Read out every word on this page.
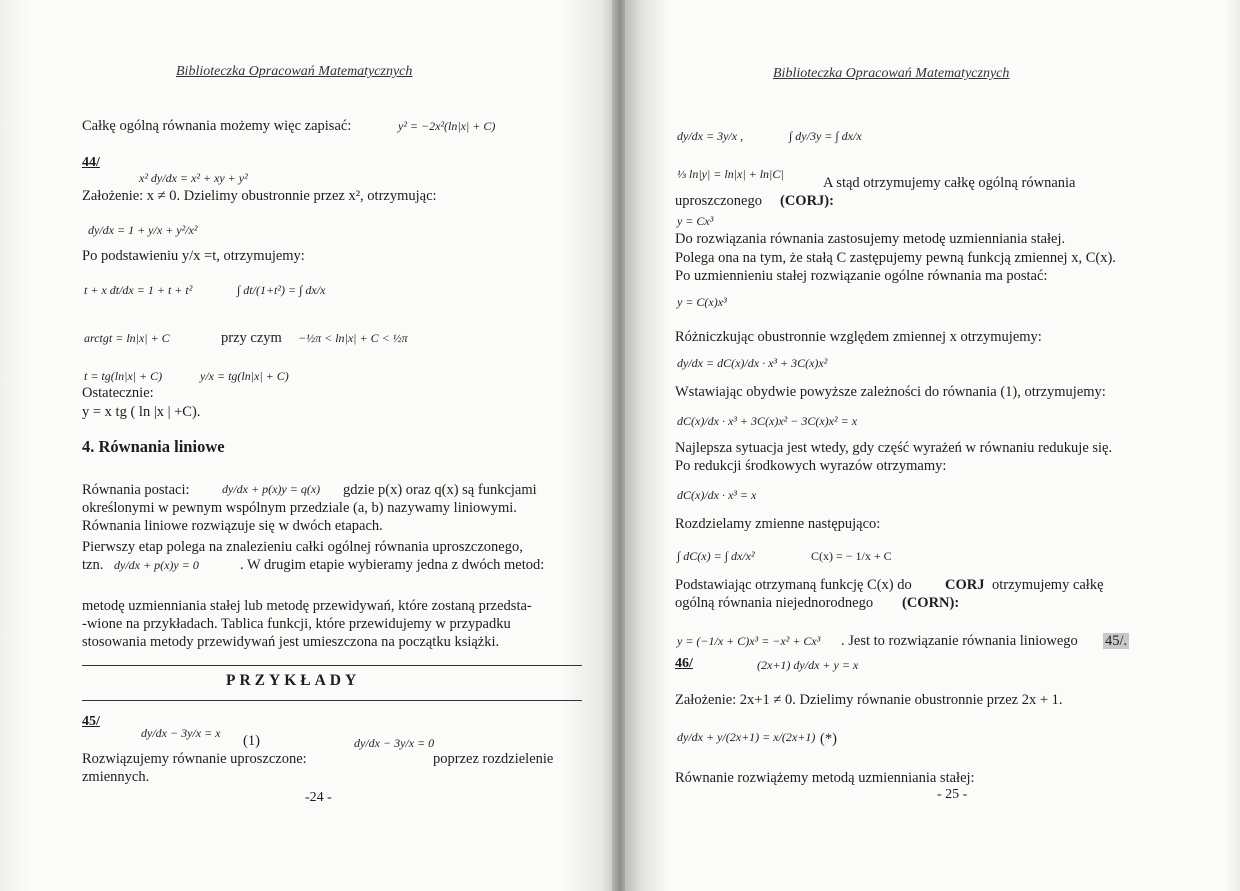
Biblioteczka Opracowań Matematycznych
Całkę ogólną równania możemy więc zapisać:	y² = −2x²(ln|x| + C)
44/
x² dy/dx = x² + xy + y²
Założenie: x ≠ 0. Dzielimy obustronnie przez x², otrzymując:
dy/dx = 1 + y/x + y²/x²
Po podstawieniu y/x =t, otrzymujemy:
t + x dt/dx = 1 + t + t²	∫ dt/(1+t²) = ∫ dx/x
arctgt = ln|x| + C	przy czym −½π < ln|x| + C < ½π
t = tg(ln|x| + C)	y/x = tg(ln|x| + C)
Ostatecznie:
y = x tg ( ln |x | +C).
4. Równania liniowe
Równania postaci:	dy/dx + p(x)y = q(x) gdzie p(x) oraz q(x) są funkcjami
określonymi w pewnym wspólnym przedziale (a, b) nazywamy liniowymi.
Równania liniowe rozwiązuje się w dwóch etapach.
Pierwszy etap polega na znalezieniu całki ogólnej równania uproszczonego,
tzn. dy/dx + p(x)y = 0	. W drugim etapie wybieramy jedna z dwóch metod:
metodę uzmienniania stałej lub metodę przewidywań, które zostaną przedsta-
-wione na przykładach. Tablica funkcji, które przewidujemy w przypadku
stosowania metody przewidywań jest umieszczona na początku książki.
PRZYKŁADY
45/
dy/dx − 3y/x = x (1)	dy/dx − 3y/x = 0
Rozwiązujemy równanie uproszczone:	poprzez rozdzielenie
zmiennych.
-24 -
Biblioteczka Opracowań Matematycznych
dy/dx = 3y/x ,	∫ dy/3y = ∫ dx/x
⅓ ln|y| = ln|x| + ln|C|
A stąd otrzymujemy całkę ogólną równania
uproszczonego (CORJ):
y = Cx³
Do rozwiązania równania zastosujemy metodę uzmienniania stałej.
Polega ona na tym, że stałą C zastępujemy pewną funkcją zmiennej x, C(x).
Po uzmiennieniu stałej rozwiązanie ogólne równania ma postać:
y = C(x)x³
Różniczkując obustronnie względem zmiennej x otrzymujemy:
dy/dx = dC(x)/dx · x³ + 3C(x)x²
Wstawiając obydwie powyższe zależności do równania (1), otrzymujemy:
dC(x)/dx · x³ + 3C(x)x² − 3C(x)x² = x
Najlepsza sytuacja jest wtedy, gdy część wyrażeń w równaniu redukuje się.
Po redukcji środkowych wyrazów otrzymamy:
dC(x)/dx · x³ = x
Rozdzielamy zmienne następująco:
∫ dC(x) = ∫ dx/x²	C(x) = − 1/x + C
Podstawiając otrzymaną funkcję C(x) do CORJ otrzymujemy całkę
ogólną równania niejednorodnego (CORN):
y = (−1/x + C)x³ = −x² + Cx³ . Jest to rozwiązanie równania liniowego 45/.
46/	(2x+1) dy/dx + y = x
Założenie: 2x+1 ≠ 0. Dzielimy równanie obustronnie przez 2x + 1.
dy/dx + y/(2x+1) = x/(2x+1) (*)
Równanie rozwiążemy metodą uzmienniania stałej:
- 25 -
